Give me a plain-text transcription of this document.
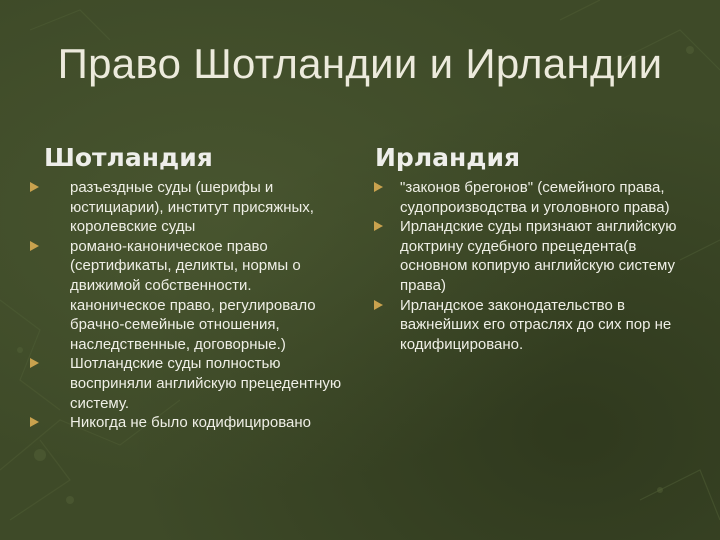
Право Шотландии и Ирландии
Шотландия	Ирландия
разъездные суды (шерифы и юстициарии), институт присяжных, королевские суды
романо-каноническое право (сертификаты, деликты, нормы о движимой собственности. каноническое право, регулировало брачно-семейные отношения, наследственные, договорные.)
Шотландские суды полностью восприняли английскую прецедентную систему.
Никогда не было кодифицировано
"законов брегонов" (семейного права, судопроизводства и уголовного права)
Ирландские суды признают английскую доктрину судебного прецедента(в основном копирую английскую систему права)
Ирландское законодательство в важнейших его отраслях до сих пор не кодифицировано.
